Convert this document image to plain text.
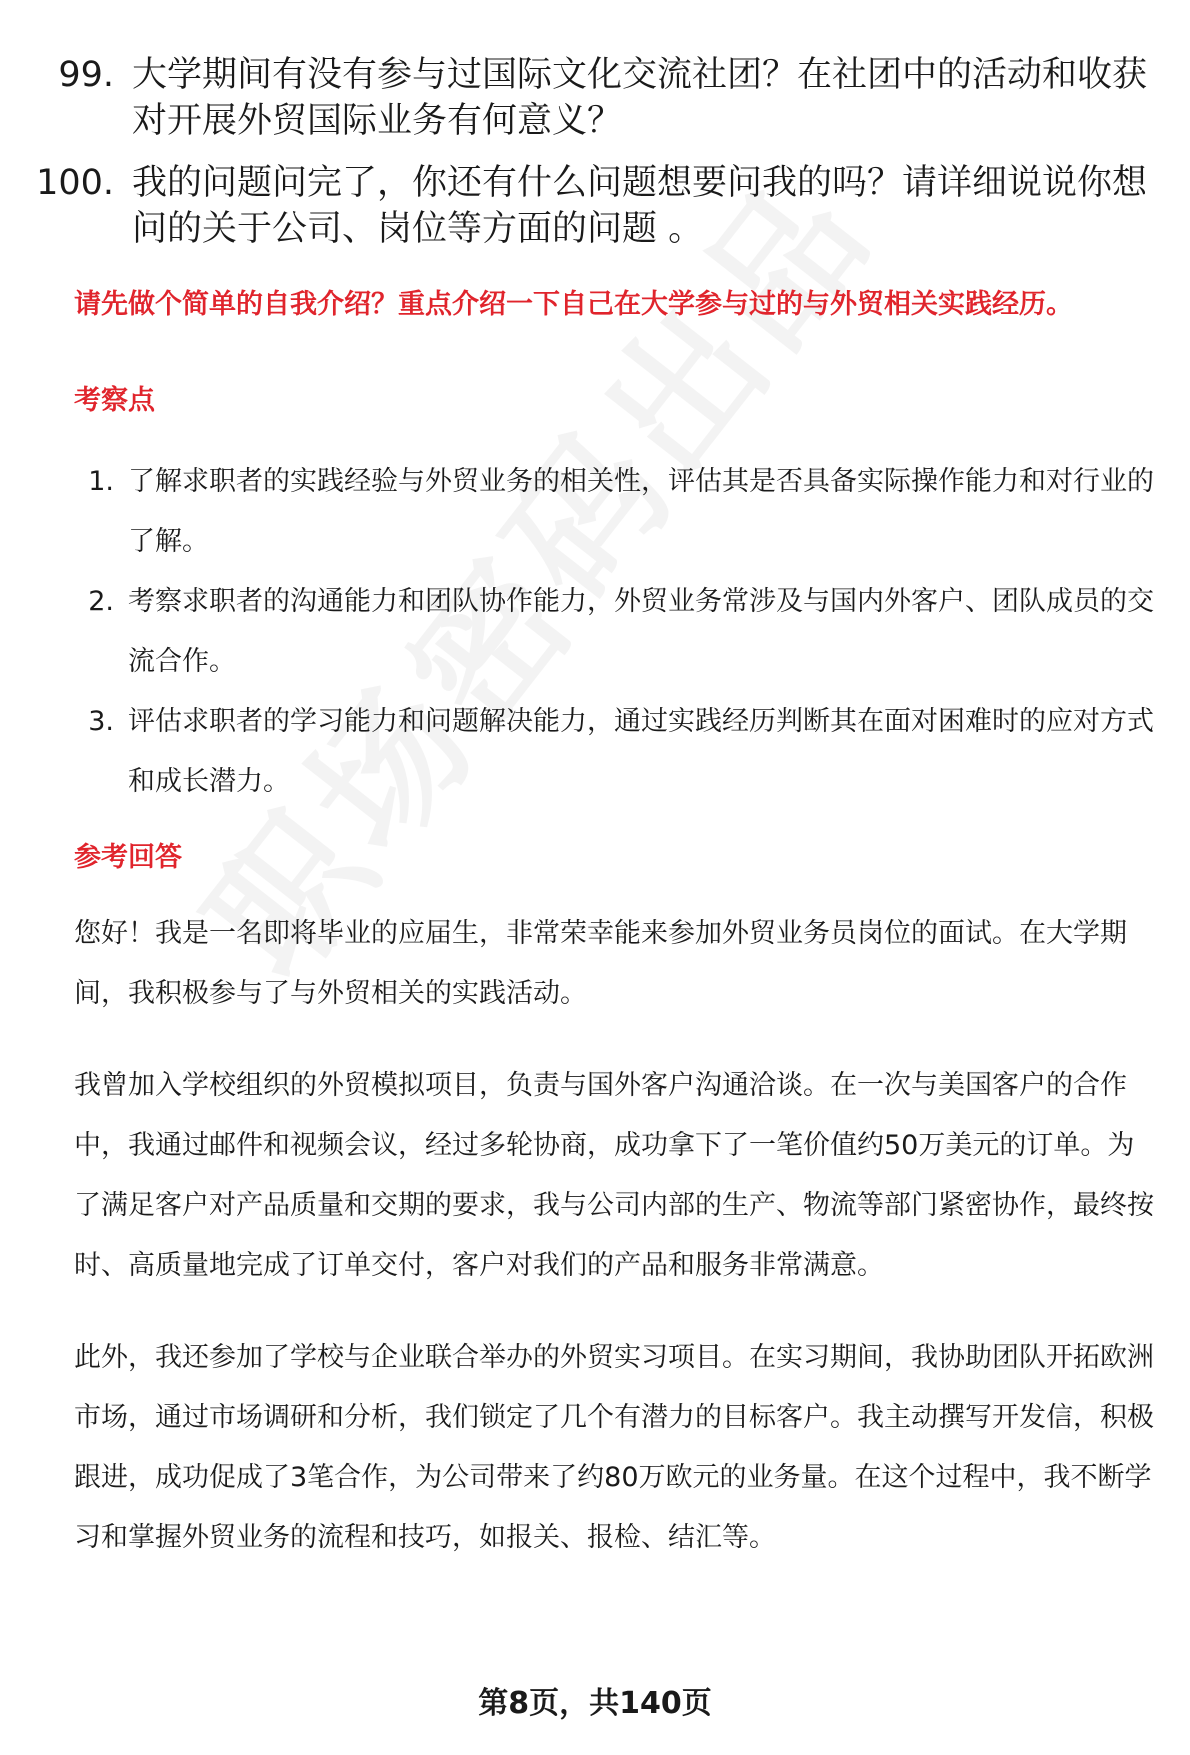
99. 大学期间有没有参与过国际文化交流社团？在社团中的活动和收获对开展外贸国际业务有何意义？
100. 我的问题问完了，你还有什么问题想要问我的吗？请详细说说你想问的关于公司、岗位等方面的问题 。
请先做个简单的自我介绍？重点介绍一下自己在大学参与过的与外贸相关实践经历。
考察点
1. 了解求职者的实践经验与外贸业务的相关性，评估其是否具备实际操作能力和对行业的了解。
2. 考察求职者的沟通能力和团队协作能力，外贸业务常涉及与国内外客户、团队成员的交流合作。
3. 评估求职者的学习能力和问题解决能力，通过实践经历判断其在面对困难时的应对方式和成长潜力。
参考回答

您好！我是一名即将毕业的应届生，非常荣幸能来参加外贸业务员岗位的面试。在大学期间，我积极参与了与外贸相关的实践活动。

我曾加入学校组织的外贸模拟项目，负责与国外客户沟通洽谈。在一次与美国客户的合作中，我通过邮件和视频会议，经过多轮协商，成功拿下了一笔价值约50万美元的订单。为了满足客户对产品质量和交期的要求，我与公司内部的生产、物流等部门紧密协作，最终按时、高质量地完成了订单交付，客户对我们的产品和服务非常满意。

此外，我还参加了学校与企业联合举办的外贸实习项目。在实习期间，我协助团队开拓欧洲市场，通过市场调研和分析，我们锁定了几个有潜力的目标客户。我主动撰写开发信，积极跟进，成功促成了3笔合作，为公司带来了约80万欧元的业务量。在这个过程中，我不断学习和掌握外贸业务的流程和技巧，如报关、报检、结汇等。

第8页，共140页
